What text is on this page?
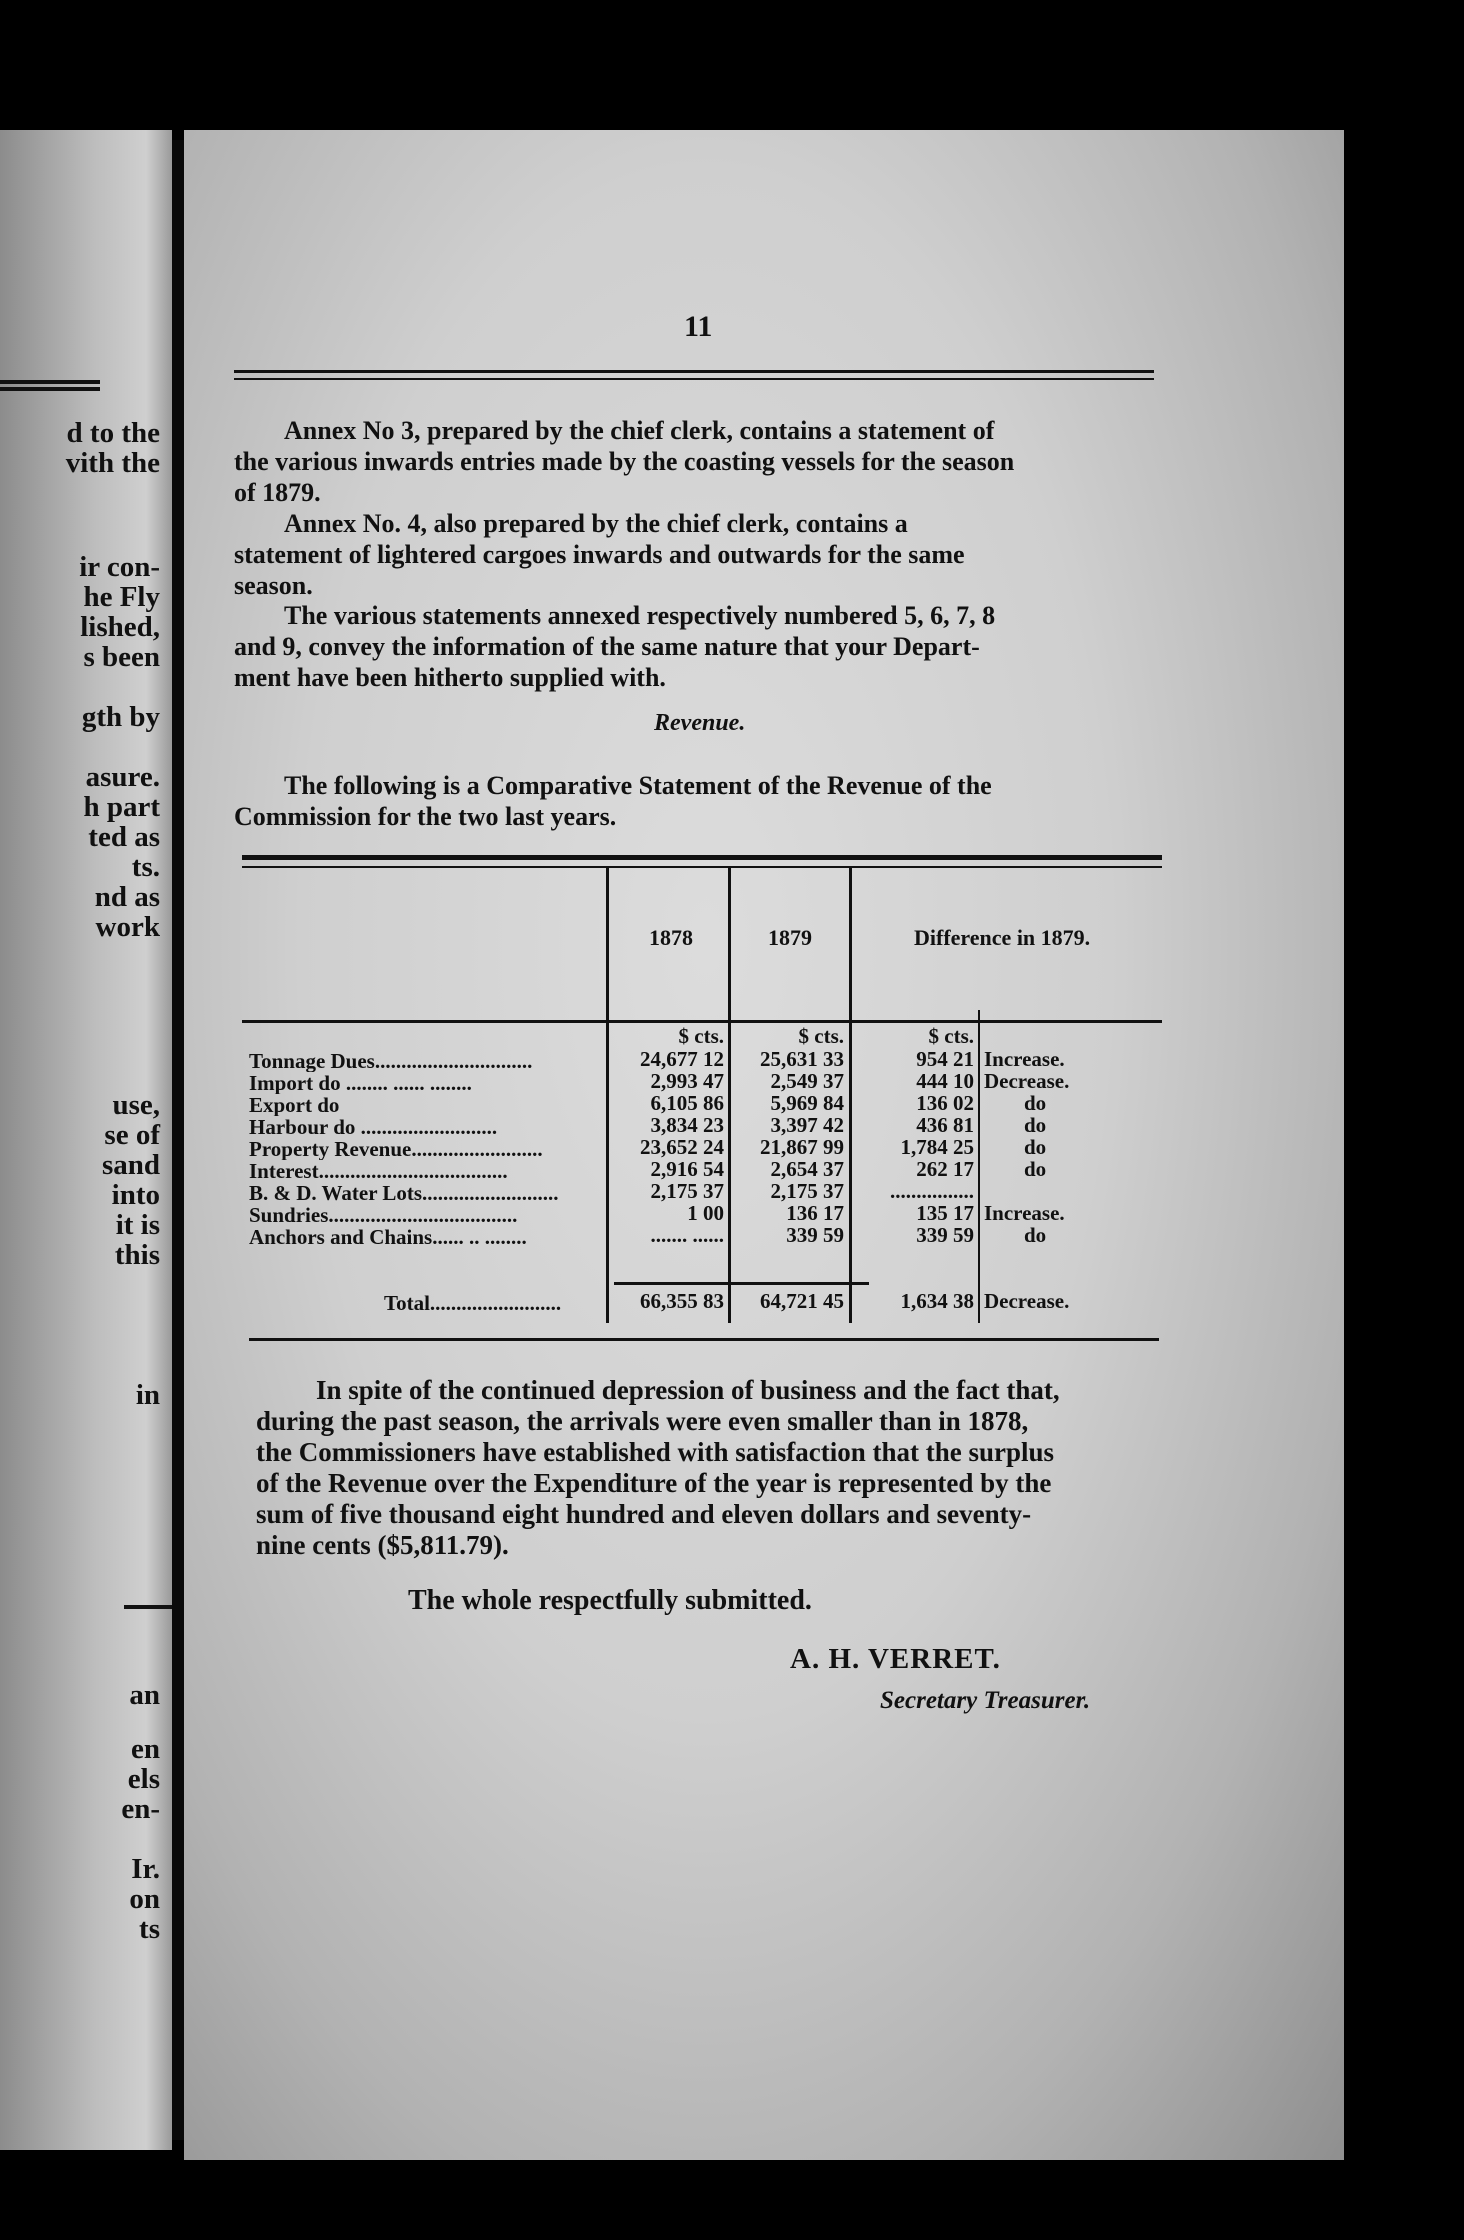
d to the
vith the
ir con-
he Fly
lished,
s been
gth by
asure.
h part
ted as
ts.
nd as
work
use,
se of
sand
into
it is
this
in
an
en
els
en-
Ir.
on
ts
11
Annex No 3, prepared by the chief clerk, contains a statement of
the various inwards entries made by the coasting vessels for the season
of 1879.
Annex No. 4, also prepared by the chief clerk, contains a
statement of lightered cargoes inwards and outwards for the same
season.
The various statements annexed respectively numbered 5, 6, 7, 8
and 9, convey the information of the same nature that your Depart-
ment have been hitherto supplied with.
Revenue.
The following is a Comparative Statement of the Revenue of the
Commission for the two last years.
1878	1879	Difference in 1879.
$ cts.	$ cts.	$ cts.
Tonnage Dues..............................	24,677 12	25,631 33	954 21 Increase.
Import do ........ ...... ........	2,993 47	2,549 37	444 10 Decrease.
Export do	6,105 86	5,969 84	136 02 do
Harbour do ..........................	3,834 23	3,397 42	436 81 do
Property Revenue.........................	23,652 24	21,867 99	1,784 25 do
Interest....................................	2,916 54	2,654 37	262 17 do
B. & D. Water Lots..........................	2,175 37	2,175 37	................
Sundries....................................	1 00	136 17	135 17 Increase.
Anchors and Chains...... .. ........	....... ......	339 59	339 59 do
Total.........................	66,355 83	64,721 45	1,634 38 Decrease.
In spite of the continued depression of business and the fact that,
during the past season, the arrivals were even smaller than in 1878,
the Commissioners have established with satisfaction that the surplus
of the Revenue over the Expenditure of the year is represented by the
sum of five thousand eight hundred and eleven dollars and seventy-
nine cents ($5,811.79).
The whole respectfully submitted.
A. H. VERRET.
Secretary Treasurer.
